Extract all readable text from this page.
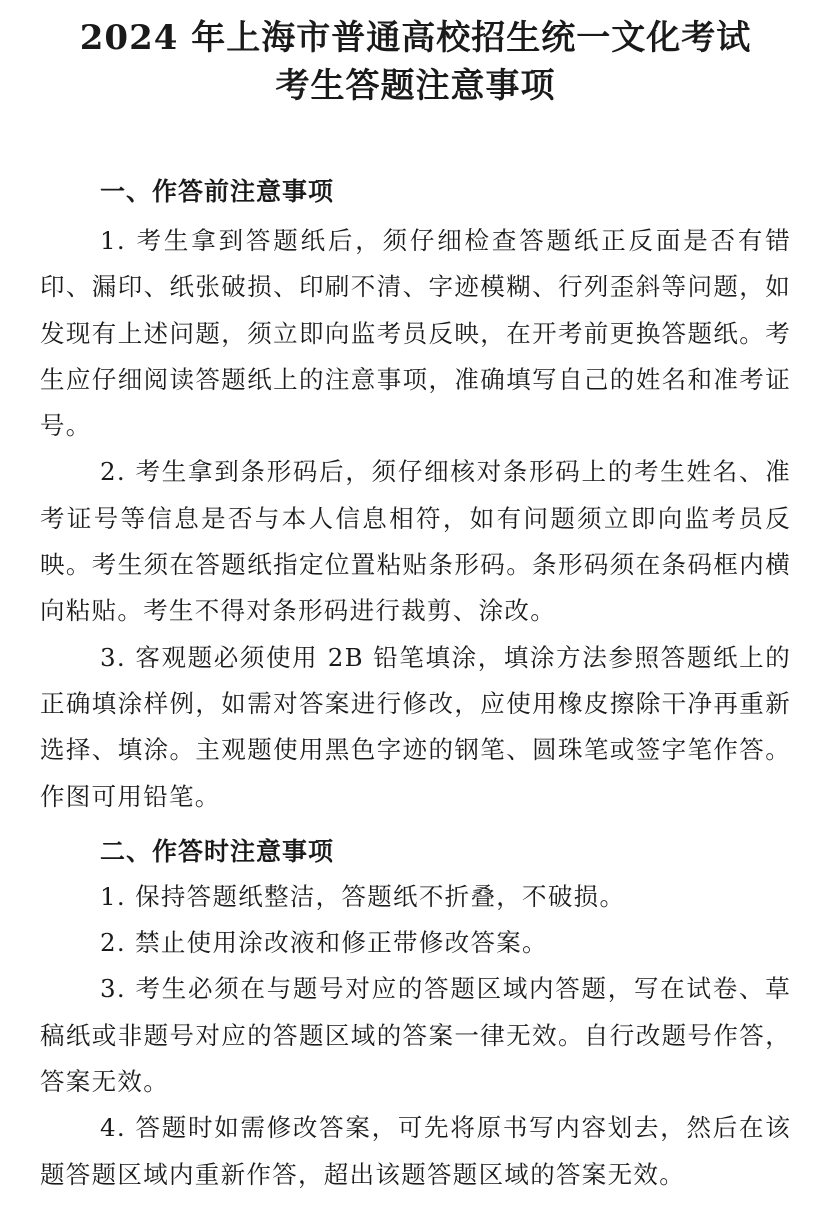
2024 年上海市普通高校招生统一文化考试
考生答题注意事项
一、作答前注意事项

1. 考生拿到答题纸后，须仔细检查答题纸正反面是否有错印、漏印、纸张破损、印刷不清、字迹模糊、行列歪斜等问题，如发现有上述问题，须立即向监考员反映，在开考前更换答题纸。考生应仔细阅读答题纸上的注意事项，准确填写自己的姓名和准考证号。

2. 考生拿到条形码后，须仔细核对条形码上的考生姓名、准考证号等信息是否与本人信息相符，如有问题须立即向监考员反映。考生须在答题纸指定位置粘贴条形码。条形码须在条码框内横向粘贴。考生不得对条形码进行裁剪、涂改。

3. 客观题必须使用 2B 铅笔填涂，填涂方法参照答题纸上的正确填涂样例，如需对答案进行修改，应使用橡皮擦除干净再重新选择、填涂。主观题使用黑色字迹的钢笔、圆珠笔或签字笔作答。作图可用铅笔。

二、作答时注意事项

1. 保持答题纸整洁，答题纸不折叠，不破损。

2. 禁止使用涂改液和修正带修改答案。

3. 考生必须在与题号对应的答题区域内答题，写在试卷、草稿纸或非题号对应的答题区域的答案一律无效。自行改题号作答，答案无效。

4. 答题时如需修改答案，可先将原书写内容划去，然后在该题答题区域内重新作答，超出该题答题区域的答案无效。
